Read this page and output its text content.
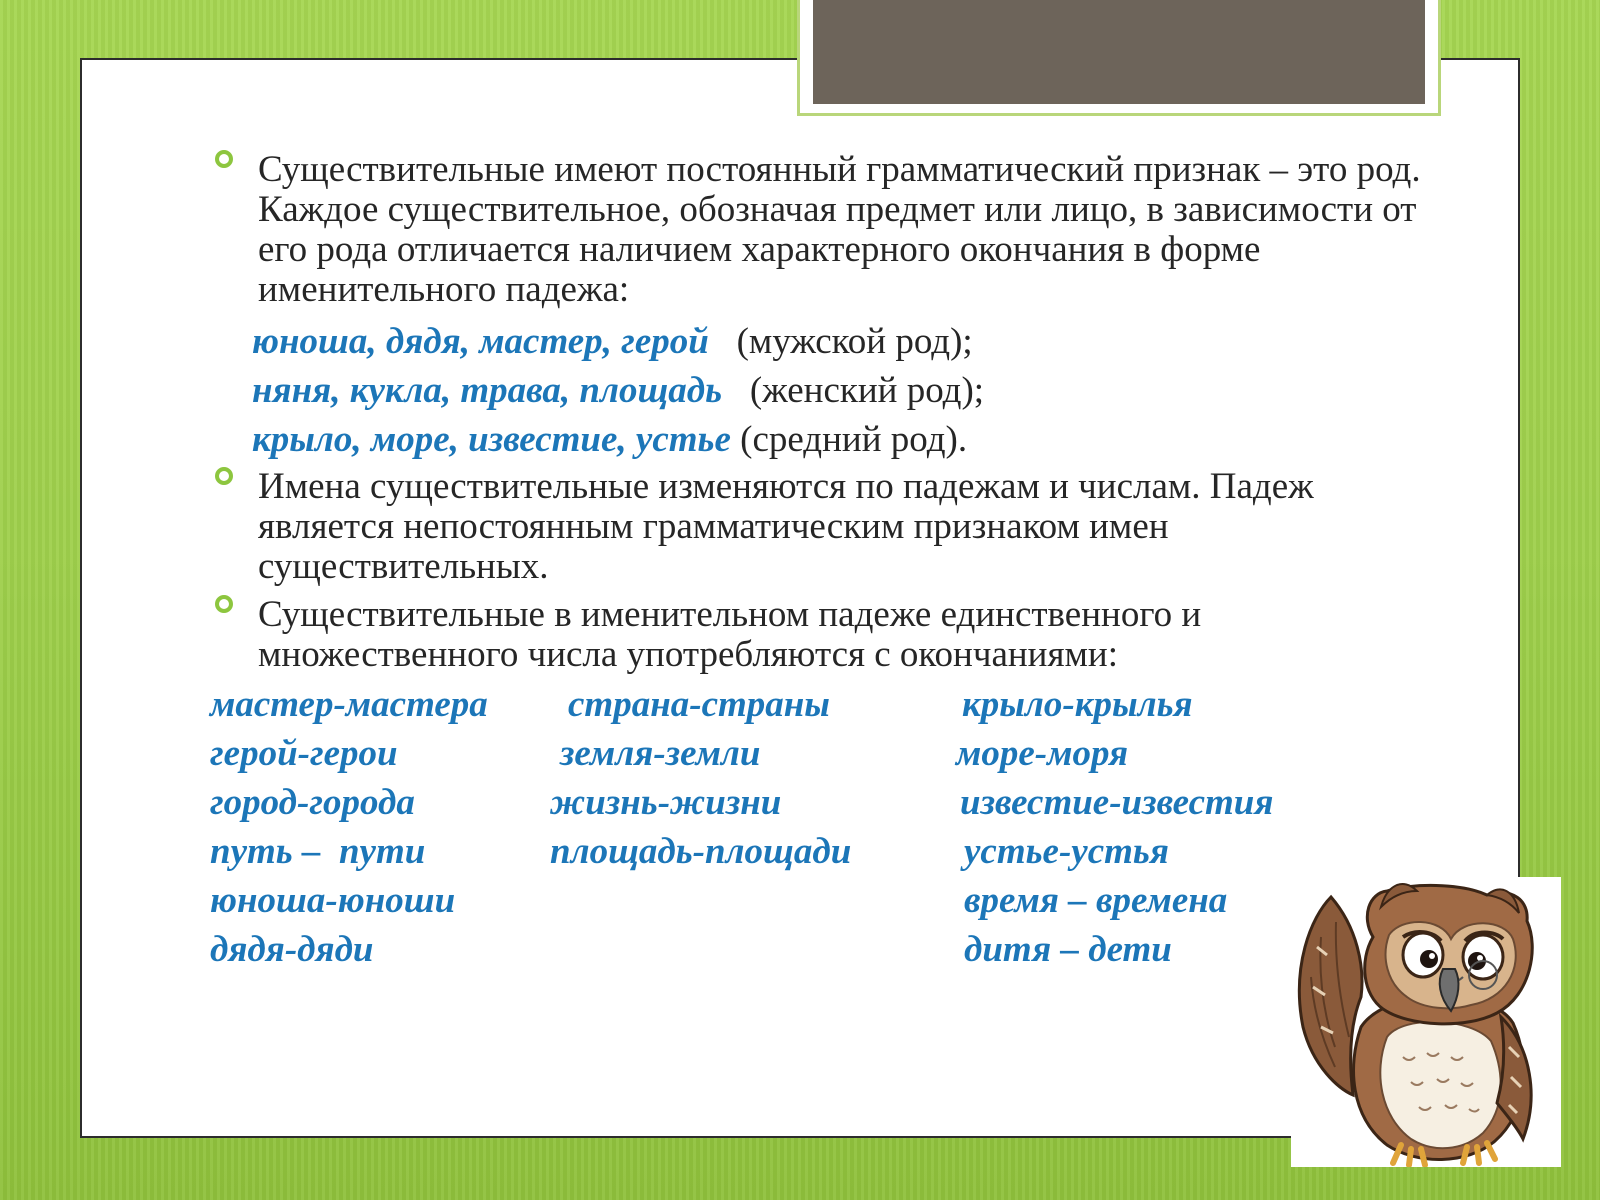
Существительные имеют постоянный грамматический признак – это род. Каждое существительное, обозначая предмет или лицо, в зависимости от его рода отличается наличием характерного окончания в форме именительного падежа:
юноша, дядя, мастер, герой (мужской род);
няня, кукла, трава, площадь (женский род);
крыло, море, известие, устье (средний род).
Имена существительные изменяются по падежам и числам. Падеж является непостоянным грамматическим признаком имен существительных.
Существительные в именительном падеже единственного и множественного числа употребляются с окончаниями:
мастер-мастера
герой-герои
город-города
путь –  пути
юноша-юноши
дядя-дяди
страна-страны
земля-земли
жизнь-жизни
площадь-площади
крыло-крылья
море-моря
известие-известия
устье-устья
время – времена
дитя – дети
